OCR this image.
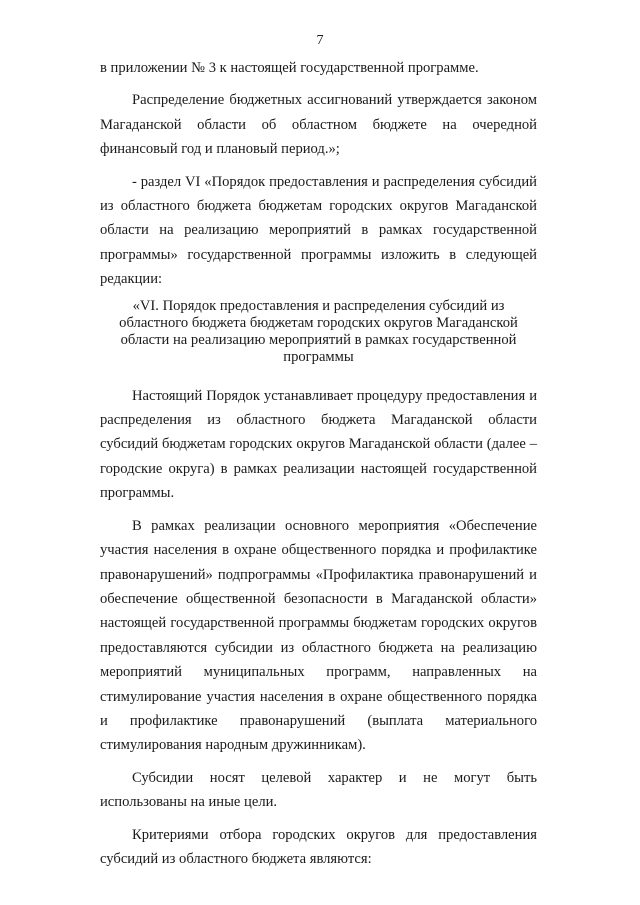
7

в приложении № 3 к настоящей государственной программе.

Распределение бюджетных ассигнований утверждается законом Магаданской области об областном бюджете на очередной финансовый год и плановый период.»;

- раздел VI «Порядок предоставления и распределения субсидий из областного бюджета бюджетам городских округов Магаданской области на реализацию мероприятий в рамках государственной программы» государственной программы изложить в следующей редакции:

«VI. Порядок предоставления и распределения субсидий из областного бюджета бюджетам городских округов Магаданской области на реализацию мероприятий в рамках государственной программы

Настоящий Порядок устанавливает процедуру предоставления и распределения из областного бюджета Магаданской области субсидий бюджетам городских округов Магаданской области (далее – городские округа) в рамках реализации настоящей государственной программы.

В рамках реализации основного мероприятия «Обеспечение участия населения в охране общественного порядка и профилактике правонарушений» подпрограммы «Профилактика правонарушений и обеспечение общественной безопасности в Магаданской области» настоящей государственной программы бюджетам городских округов предоставляются субсидии из областного бюджета на реализацию мероприятий муниципальных программ, направленных на стимулирование участия населения в охране общественного порядка и профилактике правонарушений (выплата материального стимулирования народным дружинникам).

Субсидии носят целевой характер и не могут быть использованы на иные цели.

Критериями отбора городских округов для предоставления субсидий из областного бюджета являются:
